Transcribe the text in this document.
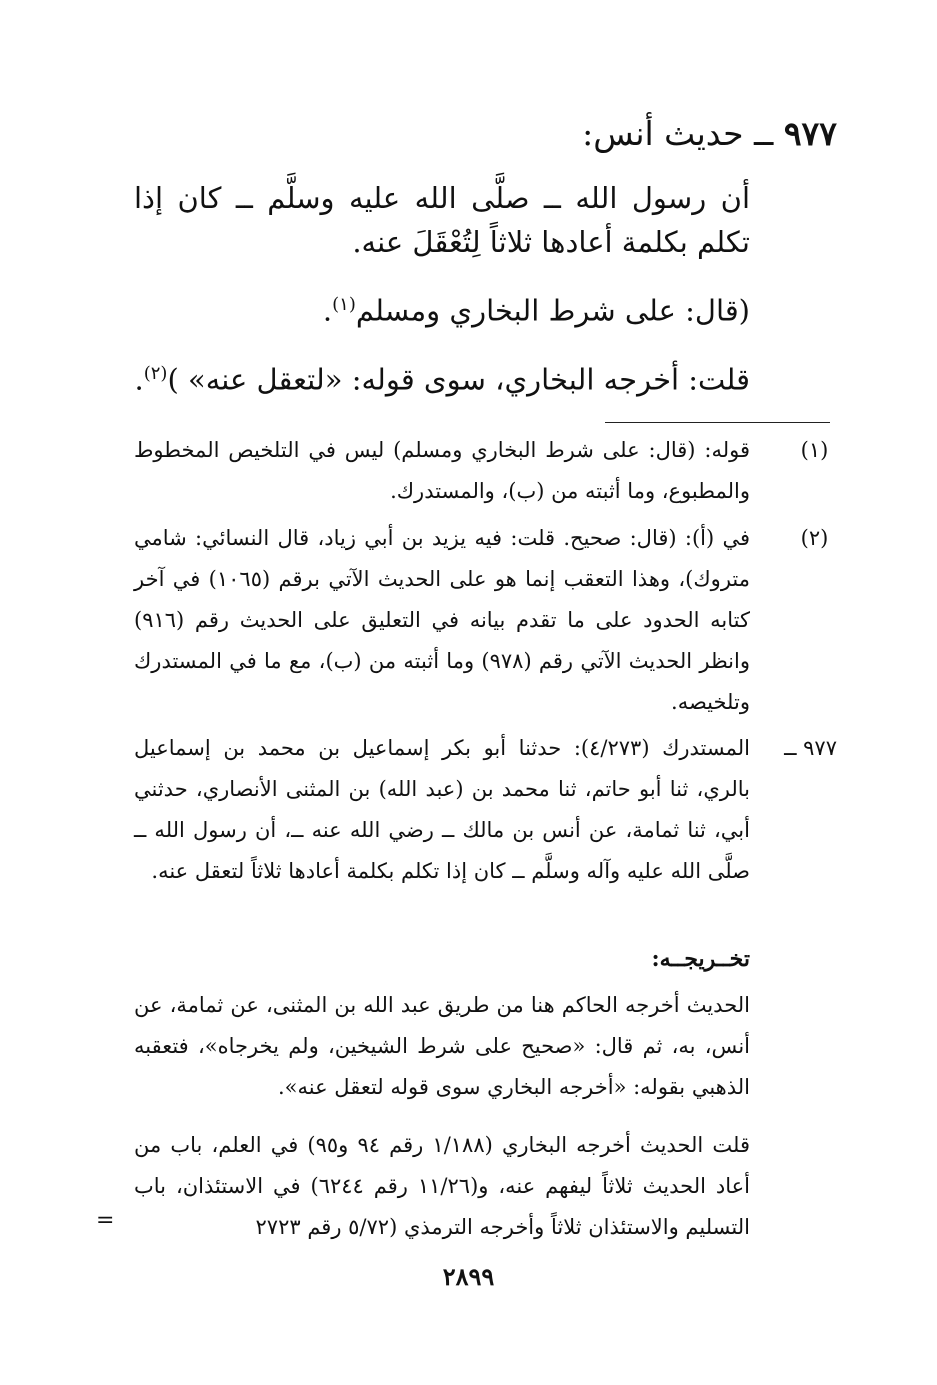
٩٧٧ ــ حديث أنس:

أن رسول الله ــ صلَّى الله عليه وسلَّم ــ كان إذا تكلم بكلمة أعادها ثلاثاً لِتُعْقَلَ عنه.

(قال: على شرط البخاري ومسلم$^{(١)}$.

قلت: أخرجه البخاري، سوى قوله: «لتعقل عنه» )$^{(٢)}$.

(١)
قوله: (قال: على شرط البخاري ومسلم) ليس في التلخيص المخطوط والمطبوع، وما أثبته من (ب)، والمستدرك.
(٢)
في (أ): (قال: صحيح. قلت: فيه يزيد بن أبي زياد، قال النسائي: شامي متروك)، وهذا التعقب إنما هو على الحديث الآتي برقم (١٠٦٥) في آخر كتابه الحدود على ما تقدم بيانه في التعليق على الحديث رقم (٩١٦) وانظر الحديث الآتي رقم (٩٧٨) وما أثبته من (ب)، مع ما في المستدرك وتلخيصه.
٩٧٧ ــ
المستدرك (٤/٢٧٣): حدثنا أبو بكر إسماعيل بن محمد بن إسماعيل بالري، ثنا أبو حاتم، ثنا محمد بن (عبد الله) بن المثنى الأنصاري، حدثني أبي، ثنا ثمامة، عن أنس بن مالك ــ رضي الله عنه ــ، أن رسول الله ــ صلَّى الله عليه وآله وسلَّم ــ كان إذا تكلم بكلمة أعادها ثلاثاً لتعقل عنه.
تخــريجــه:
الحديث أخرجه الحاكم هنا من طريق عبد الله بن المثنى، عن ثمامة، عن أنس، به، ثم قال: «صحيح على شرط الشيخين، ولم يخرجاه»، فتعقبه الذهبي بقوله: «أخرجه البخاري سوى قوله لتعقل عنه».
قلت الحديث أخرجه البخاري (١/١٨٨ رقم ٩٤ و٩٥) في العلم، باب من أعاد الحديث ثلاثاً ليفهم عنه، و(١١/٢٦ رقم ٦٢٤٤) في الاستئذان، باب التسليم والاستئذان ثلاثاً وأخرجه الترمذي (٥/٧٢ رقم ٢٧٢٣
=
٢٨٩٩
